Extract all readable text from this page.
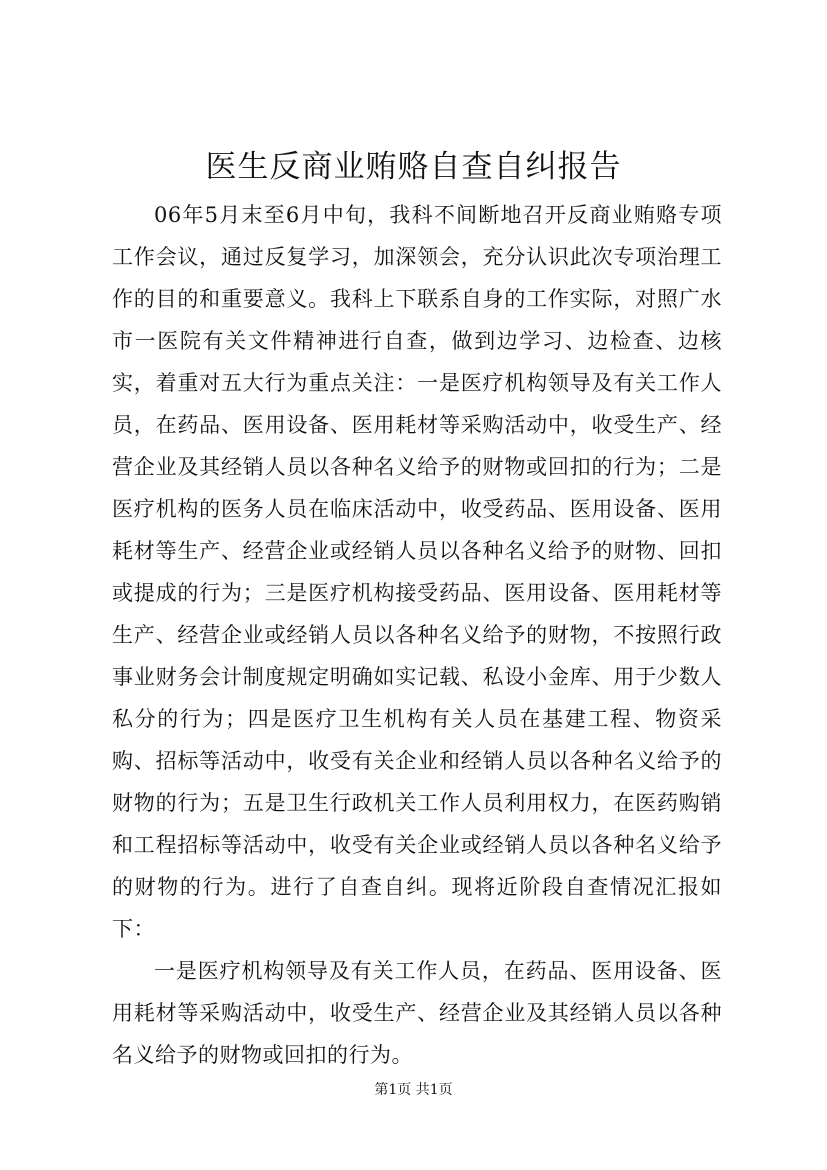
医生反商业贿赂自查自纠报告

06年5月末至6月中旬，我科不间断地召开反商业贿赂专项工作会议，通过反复学习，加深领会，充分认识此次专项治理工作的目的和重要意义。我科上下联系自身的工作实际，对照广水市一医院有关文件精神进行自查，做到边学习、边检查、边核实，着重对五大行为重点关注：一是医疗机构领导及有关工作人员，在药品、医用设备、医用耗材等采购活动中，收受生产、经营企业及其经销人员以各种名义给予的财物或回扣的行为；二是医疗机构的医务人员在临床活动中，收受药品、医用设备、医用耗材等生产、经营企业或经销人员以各种名义给予的财物、回扣或提成的行为；三是医疗机构接受药品、医用设备、医用耗材等生产、经营企业或经销人员以各种名义给予的财物，不按照行政事业财务会计制度规定明确如实记载、私设小金库、用于少数人私分的行为；四是医疗卫生机构有关人员在基建工程、物资采购、招标等活动中，收受有关企业和经销人员以各种名义给予的财物的行为；五是卫生行政机关工作人员利用权力，在医药购销和工程招标等活动中，收受有关企业或经销人员以各种名义给予的财物的行为。进行了自查自纠。现将近阶段自查情况汇报如下：

一是医疗机构领导及有关工作人员，在药品、医用设备、医用耗材等采购活动中，收受生产、经营企业及其经销人员以各种名义给予的财物或回扣的行为。

第1页 共1页
